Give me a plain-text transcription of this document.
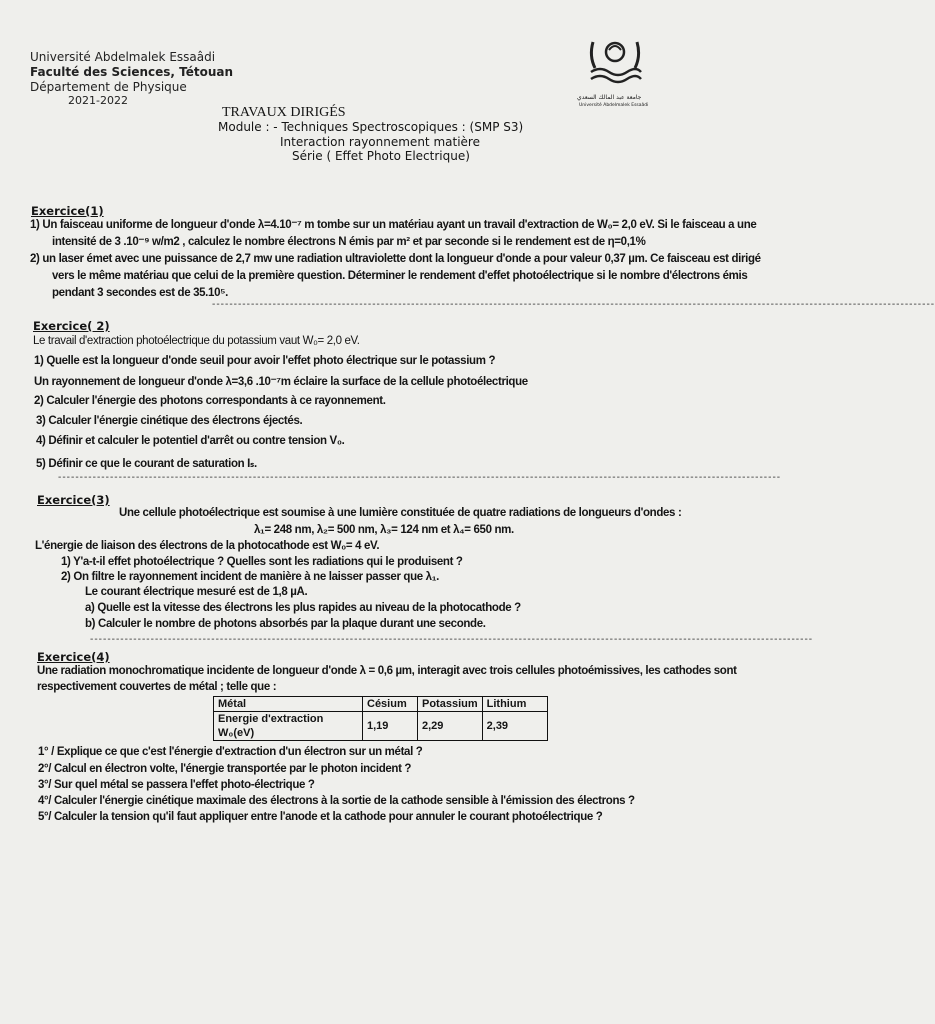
Université Abdelmalek Essaâdi
Faculté des Sciences, Tétouan
Département de Physique
2021-2022	جامعة عبد المالك السعدي
Université Abdelmalek Essaâdi
TRAVAUX DIRIGÉS
Module : - Techniques Spectroscopiques : (SMP S3)
Interaction rayonnement matière
Série ( Effet Photo Electrique)
Exercice(1)
1) Un faisceau uniforme de longueur d'onde λ=4.10⁻⁷ m tombe sur un matériau ayant un travail d'extraction de W₀= 2,0 eV. Si le faisceau a une
intensité de 3 .10⁻⁹ w/m2 , calculez le nombre électrons N émis par m² et par seconde si le rendement est de η=0,1%
2) un laser émet avec une puissance de 2,7 mw une radiation ultraviolette dont la longueur d'onde a pour valeur 0,37 µm. Ce faisceau est dirigé
vers le même matériau que celui de la première question. Déterminer le rendement d'effet photoélectrique si le nombre d'électrons émis
pendant 3 secondes est de 35.10⁵.
-----------------------------------------------------------------------------------------------------------------------------------------------------------------------
Exercice( 2)
Le travail d'extraction photoélectrique du potassium vaut W₀= 2,0 eV.
1) Quelle est la longueur d'onde seuil pour avoir l'effet photo électrique sur le potassium ?
Un rayonnement de longueur d'onde λ=3,6 .10⁻⁷m éclaire la surface de la cellule photoélectrique
2) Calculer l'énergie des photons correspondants à ce rayonnement.
3) Calculer l'énergie cinétique des électrons éjectés.
4) Définir et calculer le potentiel d'arrêt ou contre tension V₀.
5) Définir ce que le courant de saturation Iₛ.
-----------------------------------------------------------------------------------------------------------------------------------------------------------------------
Exercice(3)
Une cellule photoélectrique est soumise à une lumière constituée de quatre radiations de longueurs d'ondes :
λ₁= 248 nm, λ₂= 500 nm, λ₃= 124 nm et λ₄= 650 nm.
L'énergie de liaison des électrons de la photocathode est W₀= 4 eV.
1) Y'a-t-il effet photoélectrique ? Quelles sont les radiations qui le produisent ?
2) On filtre le rayonnement incident de manière à ne laisser passer que λ₁.
Le courant électrique mesuré est de 1,8 µA.
a) Quelle est la vitesse des électrons les plus rapides au niveau de la photocathode ?
b) Calculer le nombre de photons absorbés par la plaque durant une seconde.
-----------------------------------------------------------------------------------------------------------------------------------------------------------------------
Exercice(4)
Une radiation monochromatique incidente de longueur d'onde λ = 0,6 µm, interagit avec trois cellules photoémissives, les cathodes sont
respectivement couvertes de métal ; telle que :
Métal	Césium	Potassium	Lithium
Energie d'extraction W₀(eV)	1,19	2,29	2,39
1° / Explique ce que c'est l'énergie d'extraction d'un électron sur un métal ?
2°/ Calcul en électron volte, l'énergie transportée par le photon incident ?
3°/ Sur quel métal se passera l'effet photo-électrique ?
4°/ Calculer l'énergie cinétique maximale des électrons à la sortie de la cathode sensible à l'émission des électrons ?
5°/ Calculer la tension qu'il faut appliquer entre l'anode et la cathode pour annuler le courant photoélectrique ?
